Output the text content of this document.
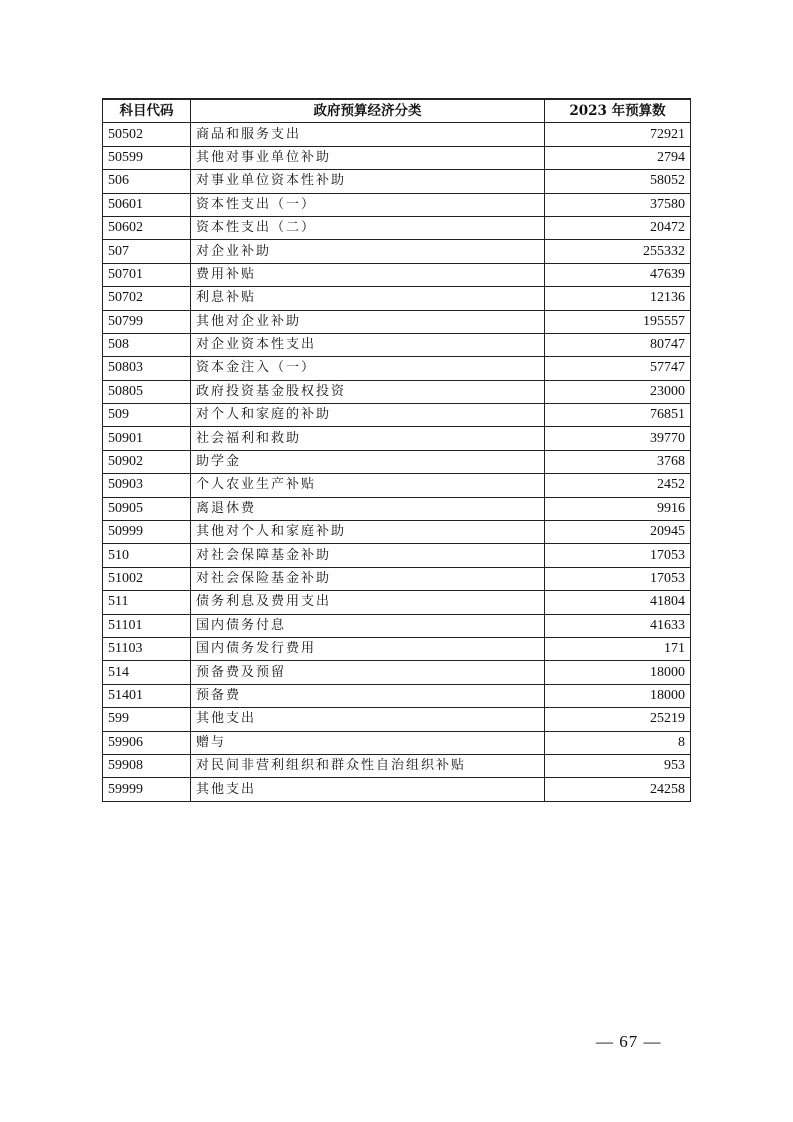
科目代码	政府预算经济分类	2023 年预算数
50502	商品和服务支出	72921
50599	其他对事业单位补助	2794
506	对事业单位资本性补助	58052
50601	资本性支出（一）	37580
50602	资本性支出（二）	20472
507	对企业补助	255332
50701	费用补贴	47639
50702	利息补贴	12136
50799	其他对企业补助	195557
508	对企业资本性支出	80747
50803	资本金注入（一）	57747
50805	政府投资基金股权投资	23000
509	对个人和家庭的补助	76851
50901	社会福利和救助	39770
50902	助学金	3768
50903	个人农业生产补贴	2452
50905	离退休费	9916
50999	其他对个人和家庭补助	20945
510	对社会保障基金补助	17053
51002	对社会保险基金补助	17053
511	债务利息及费用支出	41804
51101	国内债务付息	41633
51103	国内债务发行费用	171
514	预备费及预留	18000
51401	预备费	18000
599	其他支出	25219
59906	赠与	8
59908	对民间非营利组织和群众性自治组织补贴	953
59999	其他支出	24258
— 67 —
